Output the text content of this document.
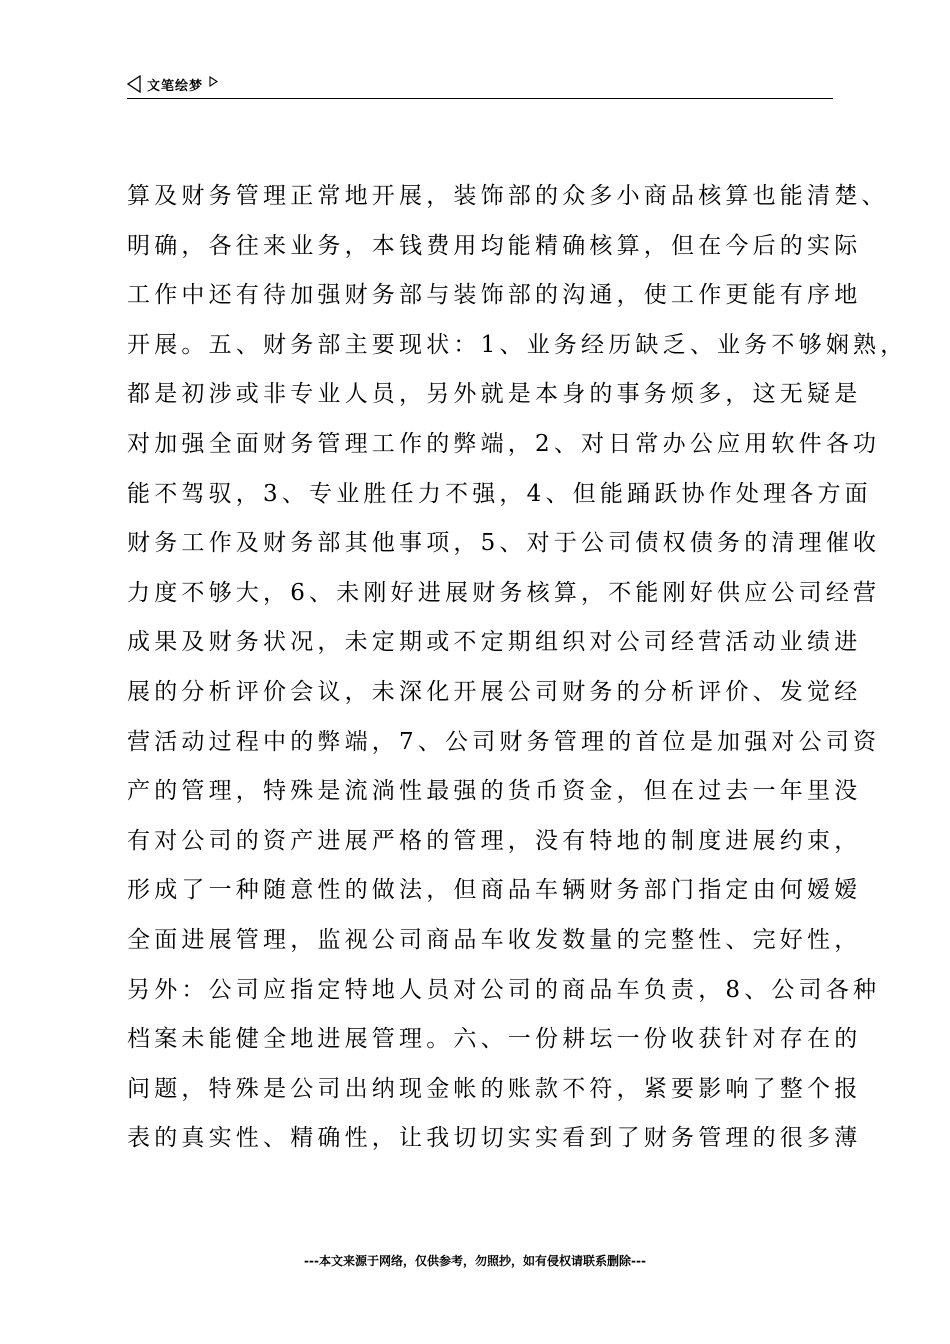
文笔绘梦
算及财务管理正常地开展，装饰部的众多小商品核算也能清楚、
明确，各往来业务，本钱费用均能精确核算，但在今后的实际
工作中还有待加强财务部与装饰部的沟通，使工作更能有序地
开展。五、财务部主要现状：1、业务经历缺乏、业务不够娴熟，
都是初涉或非专业人员，另外就是本身的事务烦多，这无疑是
对加强全面财务管理工作的弊端，2、对日常办公应用软件各功
能不驾驭，3、专业胜任力不强，4、但能踊跃协作处理各方面
财务工作及财务部其他事项，5、对于公司债权债务的清理催收
力度不够大，6、未刚好进展财务核算，不能刚好供应公司经营
成果及财务状况，未定期或不定期组织对公司经营活动业绩进
展的分析评价会议，未深化开展公司财务的分析评价、发觉经
营活动过程中的弊端，7、公司财务管理的首位是加强对公司资
产的管理，特殊是流淌性最强的货币资金，但在过去一年里没
有对公司的资产进展严格的管理，没有特地的制度进展约束，
形成了一种随意性的做法，但商品车辆财务部门指定由何嫒嫒
全面进展管理，监视公司商品车收发数量的完整性、完好性，
另外：公司应指定特地人员对公司的商品车负责，8、公司各种
档案未能健全地进展管理。六、一份耕坛一份收获针对存在的
问题，特殊是公司出纳现金帐的账款不符，紧要影响了整个报
表的真实性、精确性，让我切切实实看到了财务管理的很多薄
---本文来源于网络，仅供参考，勿照抄，如有侵权请联系删除---
